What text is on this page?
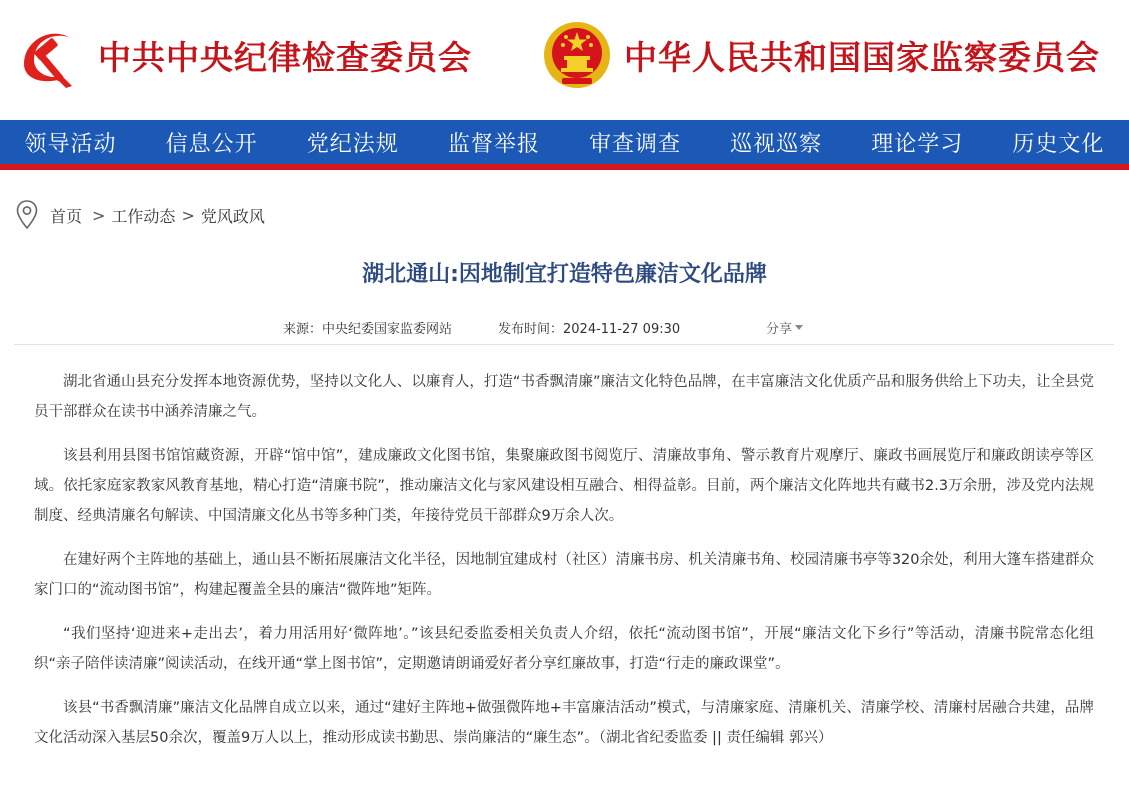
中共中央纪律检查委员会	中华人民共和国国家监察委员会
领导活动	信息公开	党纪法规	监督举报	审查调查	巡视巡察	理论学习	历史文化
首页 > 工作动态 > 党风政风
湖北通山:因地制宜打造特色廉洁文化品牌
来源：中央纪委国家监委网站	发布时间：2024-11-27 09:30	分享

湖北省通山县充分发挥本地资源优势，坚持以文化人、以廉育人，打造“书香飘清廉”廉洁文化特色品牌，在丰富廉洁文化优质产品和服务供给上下功夫，让全县党员干部群众在读书中涵养清廉之气。

该县利用县图书馆馆藏资源，开辟“馆中馆”，建成廉政文化图书馆，集聚廉政图书阅览厅、清廉故事角、警示教育片观摩厅、廉政书画展览厅和廉政朗读亭等区域。依托家庭家教家风教育基地，精心打造“清廉书院”，推动廉洁文化与家风建设相互融合、相得益彰。目前，两个廉洁文化阵地共有藏书2.3万余册，涉及党内法规制度、经典清廉名句解读、中国清廉文化丛书等多种门类，年接待党员干部群众9万余人次。

在建好两个主阵地的基础上，通山县不断拓展廉洁文化半径，因地制宜建成村（社区）清廉书房、机关清廉书角、校园清廉书亭等320余处，利用大篷车搭建群众家门口的“流动图书馆”，构建起覆盖全县的廉洁“微阵地”矩阵。

“我们坚持‘迎进来+走出去’，着力用活用好‘微阵地’。”该县纪委监委相关负责人介绍，依托“流动图书馆”，开展“廉洁文化下乡行”等活动，清廉书院常态化组织“亲子陪伴读清廉”阅读活动，在线开通“掌上图书馆”，定期邀请朗诵爱好者分享红廉故事，打造“行走的廉政课堂”。

该县“书香飘清廉”廉洁文化品牌自成立以来，通过“建好主阵地+做强微阵地+丰富廉洁活动”模式，与清廉家庭、清廉机关、清廉学校、清廉村居融合共建，品牌文化活动深入基层50余次，覆盖9万人以上，推动形成读书勤思、崇尚廉洁的“廉生态”。（湖北省纪委监委 || 责任编辑 郭兴）
